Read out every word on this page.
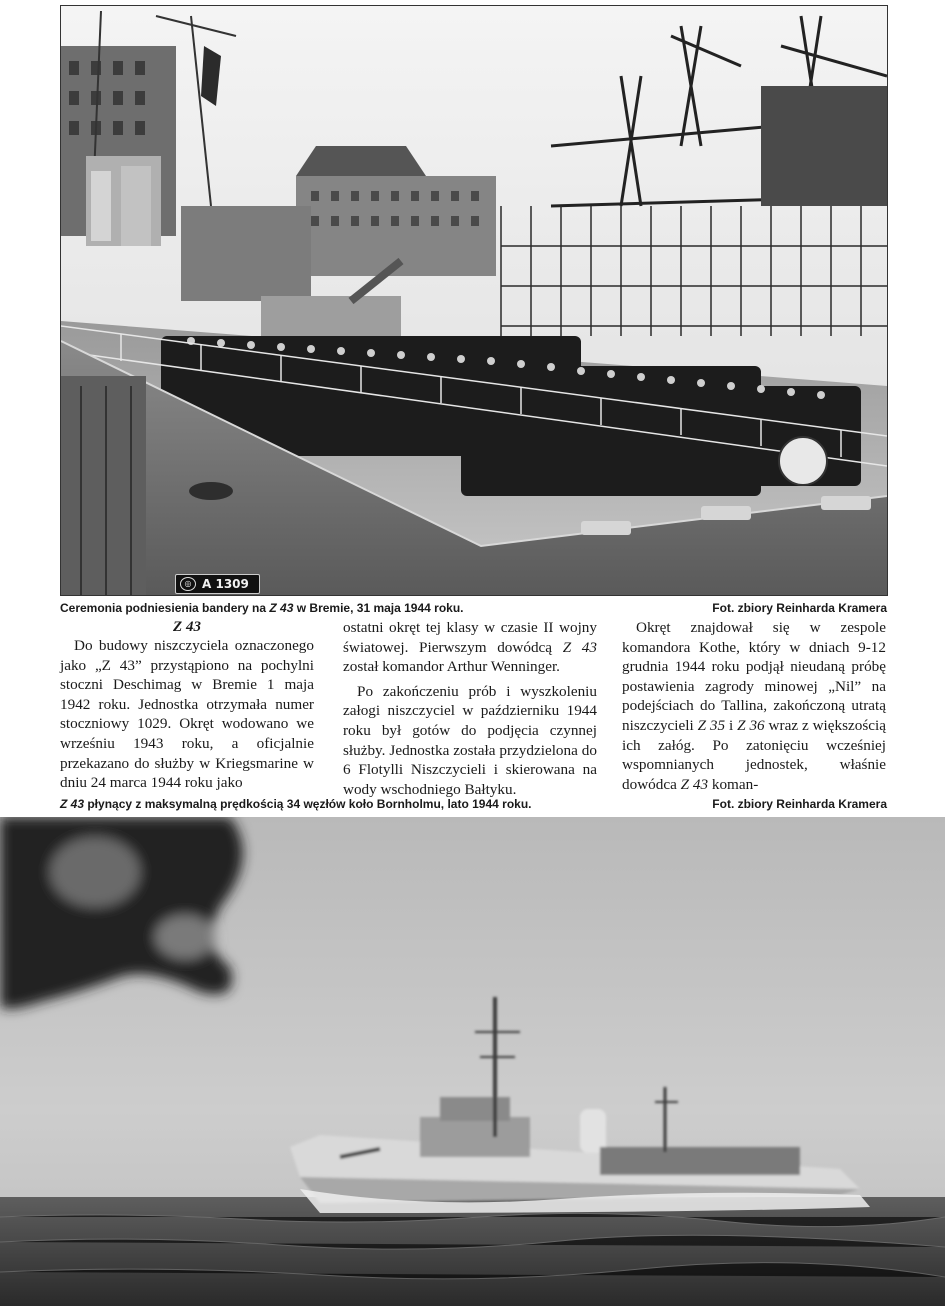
◎ A 1309
Ceremonia podniesienia bandery na Z 43 w Bremie, 31 maja 1944 roku.	Fot. zbiory Reinharda Kramera
Z 43

Do budowy niszczyciela oznaczonego jako „Z 43” przystąpiono na pochylni stoczni Deschimag w Bremie 1 maja 1942 roku. Jednostka otrzymała numer stoczniowy 1029. Okręt wodowano we wrześniu 1943 roku, a oficjalnie przekazano do służby w Kriegsmarine w dniu 24 marca 1944 roku jako

ostatni okręt tej klasy w czasie II wojny światowej. Pierwszym dowódcą Z 43 został komandor Arthur Wenninger.

Po zakończeniu prób i wyszkoleniu załogi niszczyciel w październiku 1944 roku był gotów do podjęcia czynnej służby. Jednostka została przydzielona do 6 Flotylli Niszczycieli i skierowana na wody wschodniego Bałtyku.

Okręt znajdował się w zespole komandora Kothe, który w dniach 9-12 grudnia 1944 roku podjął nieudaną próbę postawienia zagrody minowej „Nil” na podejściach do Tallina, zakończoną utratą niszczycieli Z 35 i Z 36 wraz z większością ich załóg. Po zatonięciu wcześniej wspomnianych jednostek, właśnie dowódca Z 43 koman-

Z 43 płynący z maksymalną prędkością 34 węzłów koło Bornholmu, lato 1944 roku.	Fot. zbiory Reinharda Kramera
